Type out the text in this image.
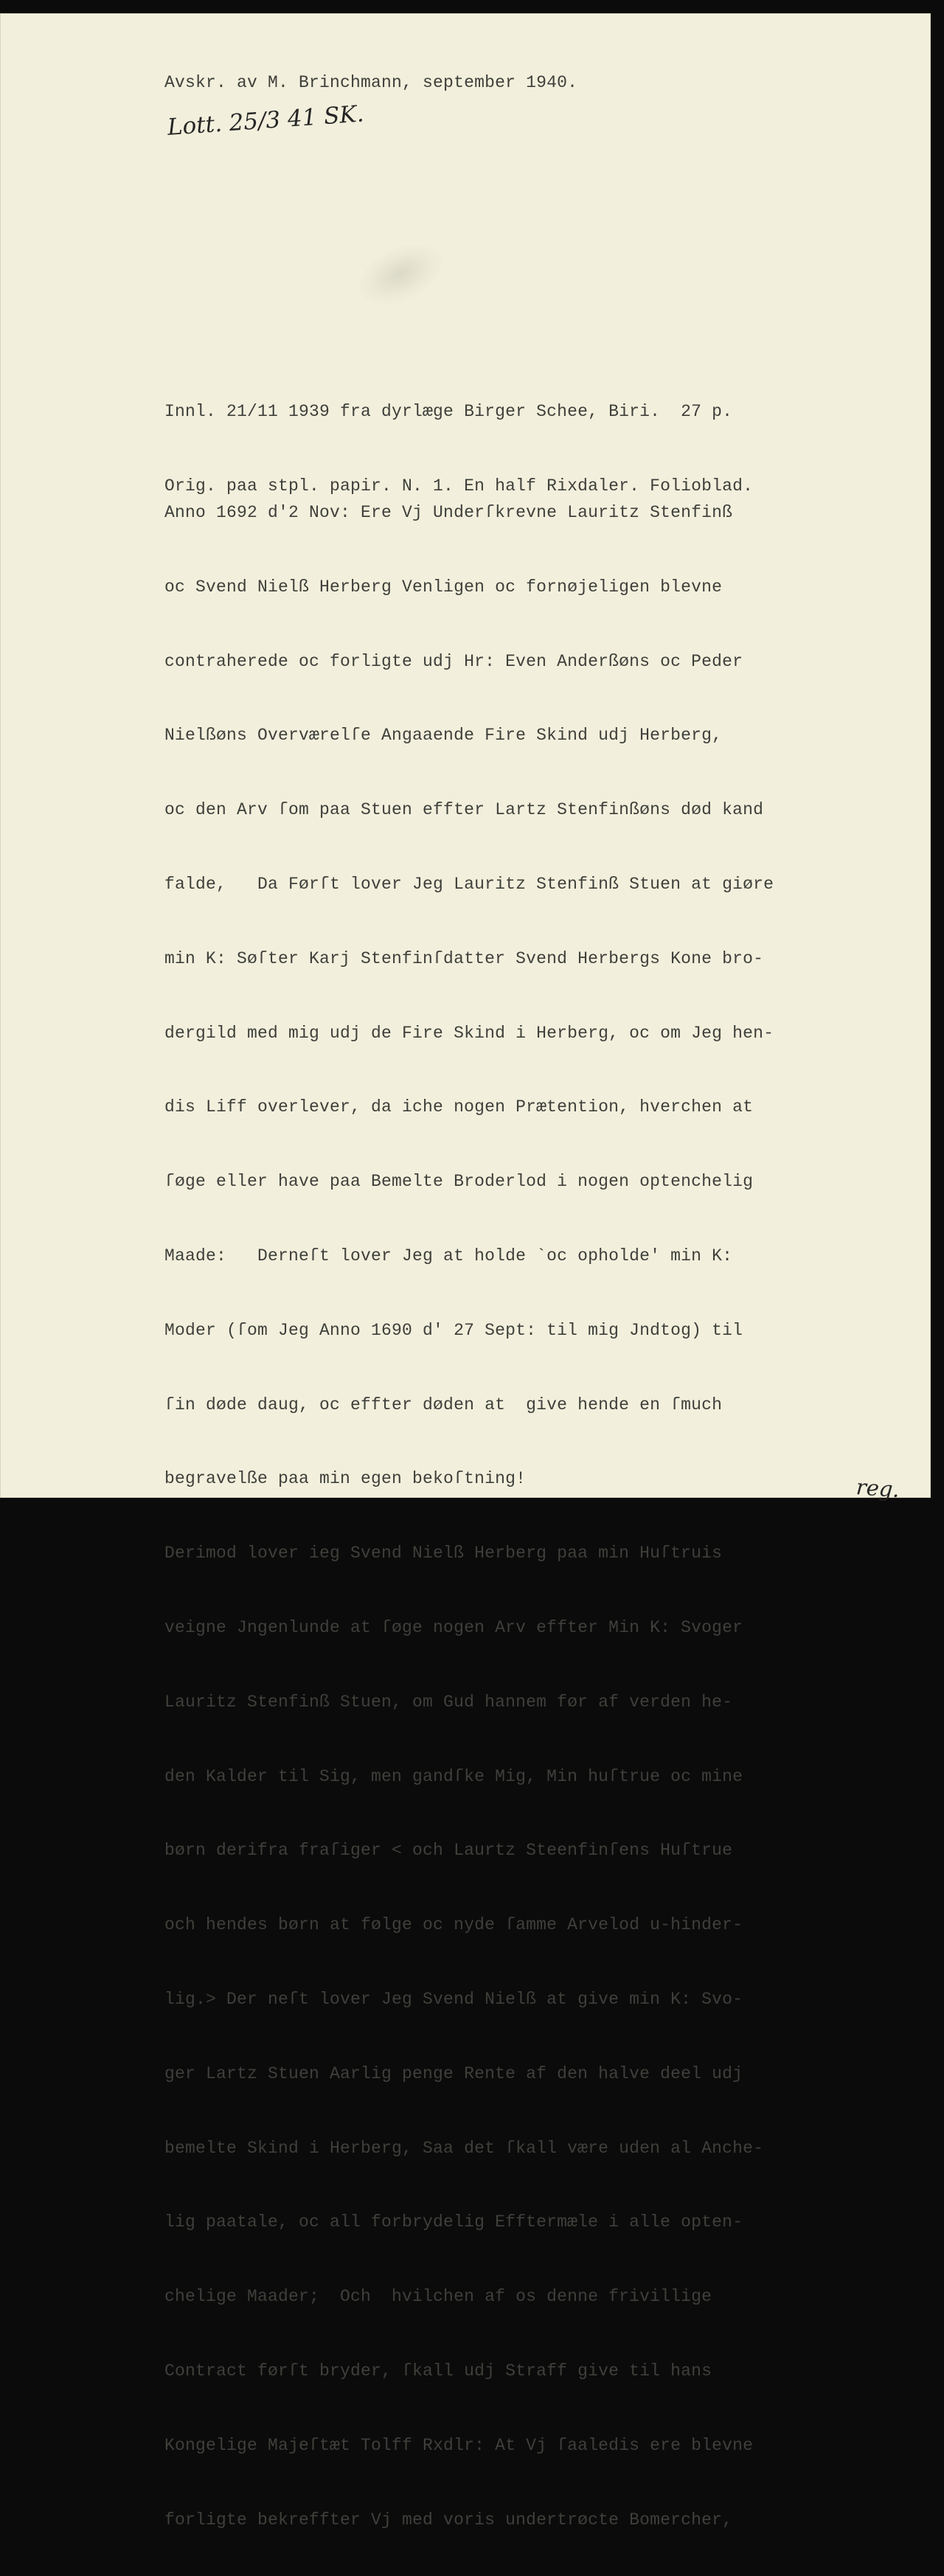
Avskr. av M. Brinchmann, september 1940.
Lott. 25/3 41 SK.

Innl. 21/11 1939 fra dyrlæge Birger Schee, Biri.  27 p.

Orig. paa stpl. papir. N. 1. En half Rixdaler. Folioblad.

Anno 1692 d'2 Nov: Ere Vj Underſkrevne Lauritz Stenfinß

oc Svend Nielß Herberg Venligen oc fornøjeligen blevne

contraherede oc forligte udj Hr: Even Anderßøns oc Peder

Nielßøns Overværelſe Angaaende Fire Skind udj Herberg,

oc den Arv ſom paa Stuen effter Lartz Stenfinßøns død kand

falde,   Da Førſt lover Jeg Lauritz Stenfinß Stuen at giøre

min K: Søſter Karj Stenfinſdatter Svend Herbergs Kone bro-

dergild med mig udj de Fire Skind i Herberg, oc om Jeg hen-

dis Liff overlever, da iche nogen Prætention, hverchen at

ſøge eller have paa Bemelte Broderlod i nogen optenchelig

Maade:   Derneſt lover Jeg at holde `oc opholde' min K:

Moder (ſom Jeg Anno 1690 d' 27 Sept: til mig Jndtog) til

ſin døde daug, oc effter døden at  give hende en ſmuch

begravelße paa min egen bekoſtning!

Derimod lover ieg Svend Nielß Herberg paa min Huſtruis

veigne Jngenlunde at ſøge nogen Arv effter Min K: Svoger

Lauritz Stenfinß Stuen, om Gud hannem før af verden he-

den Kalder til Sig, men gandſke Mig, Min huſtrue oc mine

børn derifra fraſiger < och Laurtz Steenfinſens Huſtrue

och hendes børn at følge oc nyde ſamme Arvelod u-hinder-

lig.> Der neſt lover Jeg Svend Nielß at give min K: Svo-

ger Lartz Stuen Aarlig penge Rente af den halve deel udj

bemelte Skind i Herberg, Saa det ſkall være uden al Anche-

lig paatale, oc all forbrydelig Efftermæle i alle opten-

chelige Maader;  Och  hvilchen af os denne frivillige

Contract førſt bryder, ſkall udj Straff give til hans

Kongelige Majeſtæt Tolff Rxdlr: At Vj ſaaledis ere blevne

forligte bekreffter Vj med voris undertrøcte Bomercher,

reg.
